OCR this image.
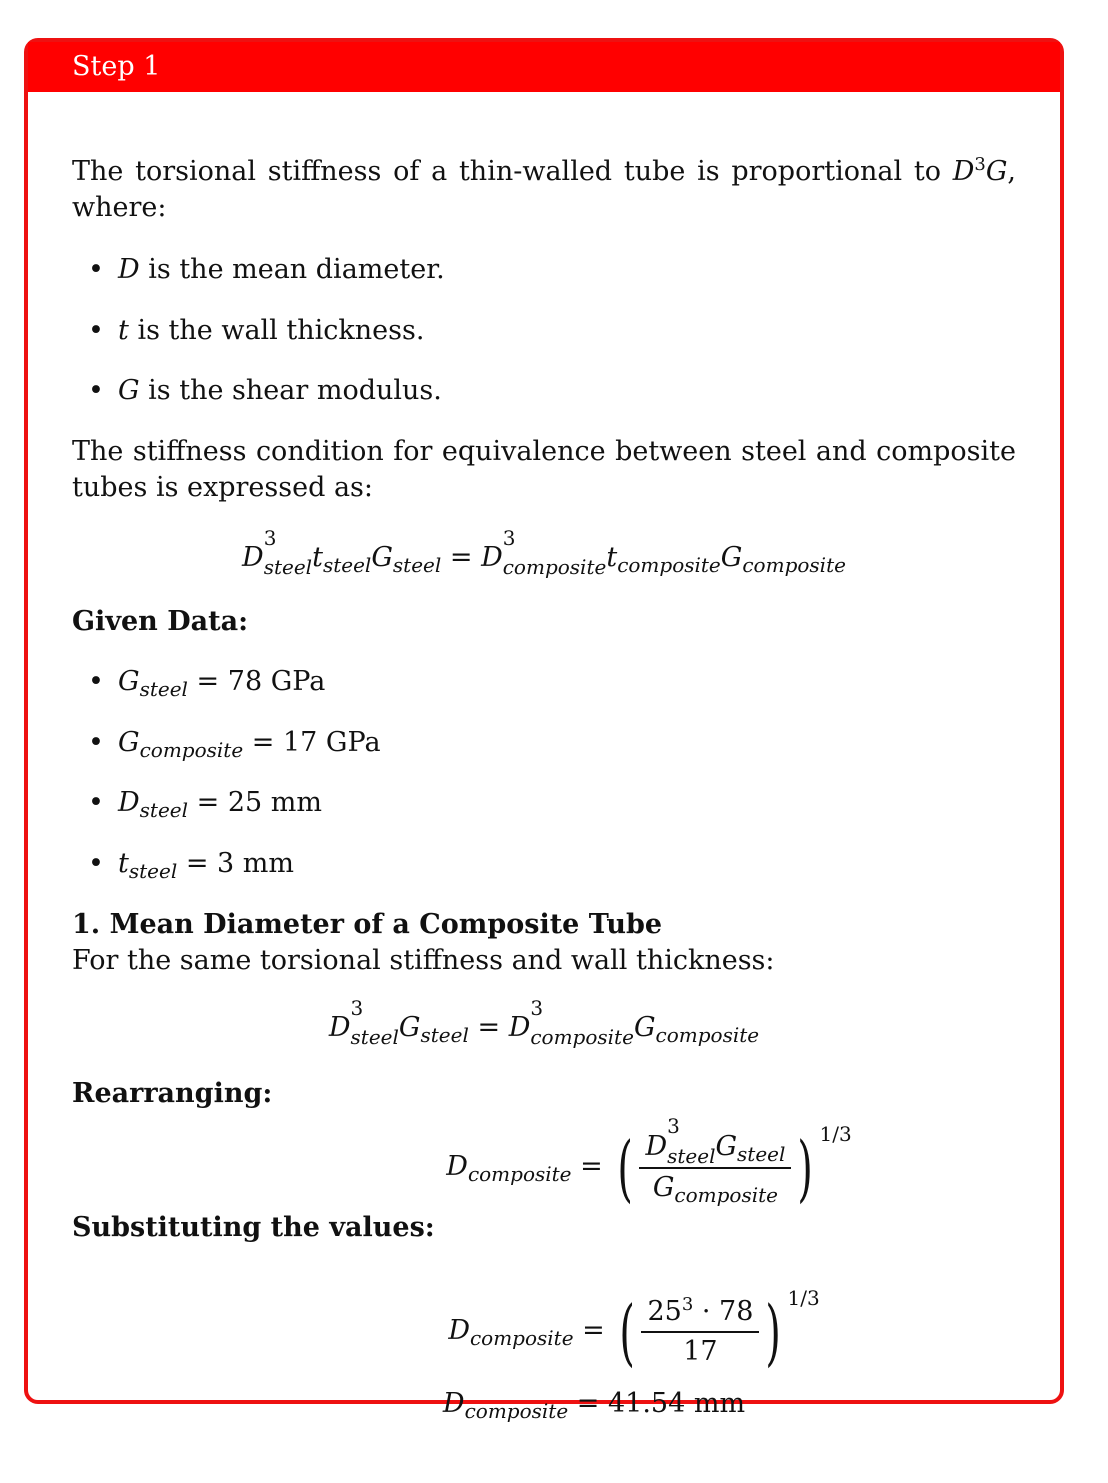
Step 1
The torsional stiffness of a thin-walled tube is proportional to $D^3G$, where:
• D is the mean diameter.
• t is the wall thickness.
• G is the shear modulus.
The stiffness condition for equivalence between steel and composite tubes is expressed as:
D
3
$steelt_{steel}G_{steel} = D$
3
$compositet_{composite}G_{composite}$
Given Data:
• $G_{steel} = 78$ GPa
• $G_{composite} = 17$ GPa
• $D_{steel} = 25$ mm
• $t_{steel} = 3$ mm
1. Mean Diameter of a Composite Tube
For the same torsional stiffness and wall thickness:
D
3
steelG$_{steel}$ = D
3
compositeG$_{composite}$
Rearranging:
$D_{composite}$ = ( D
3
steelG$_{steel}$
$G_{composite}$ ) 1/3
Substituting the values:
$D_{composite}$ = ( $\frac{25^3 \cdot 78}{17}$ ) 1/3
$D_{composite} = 41.54$ mm
